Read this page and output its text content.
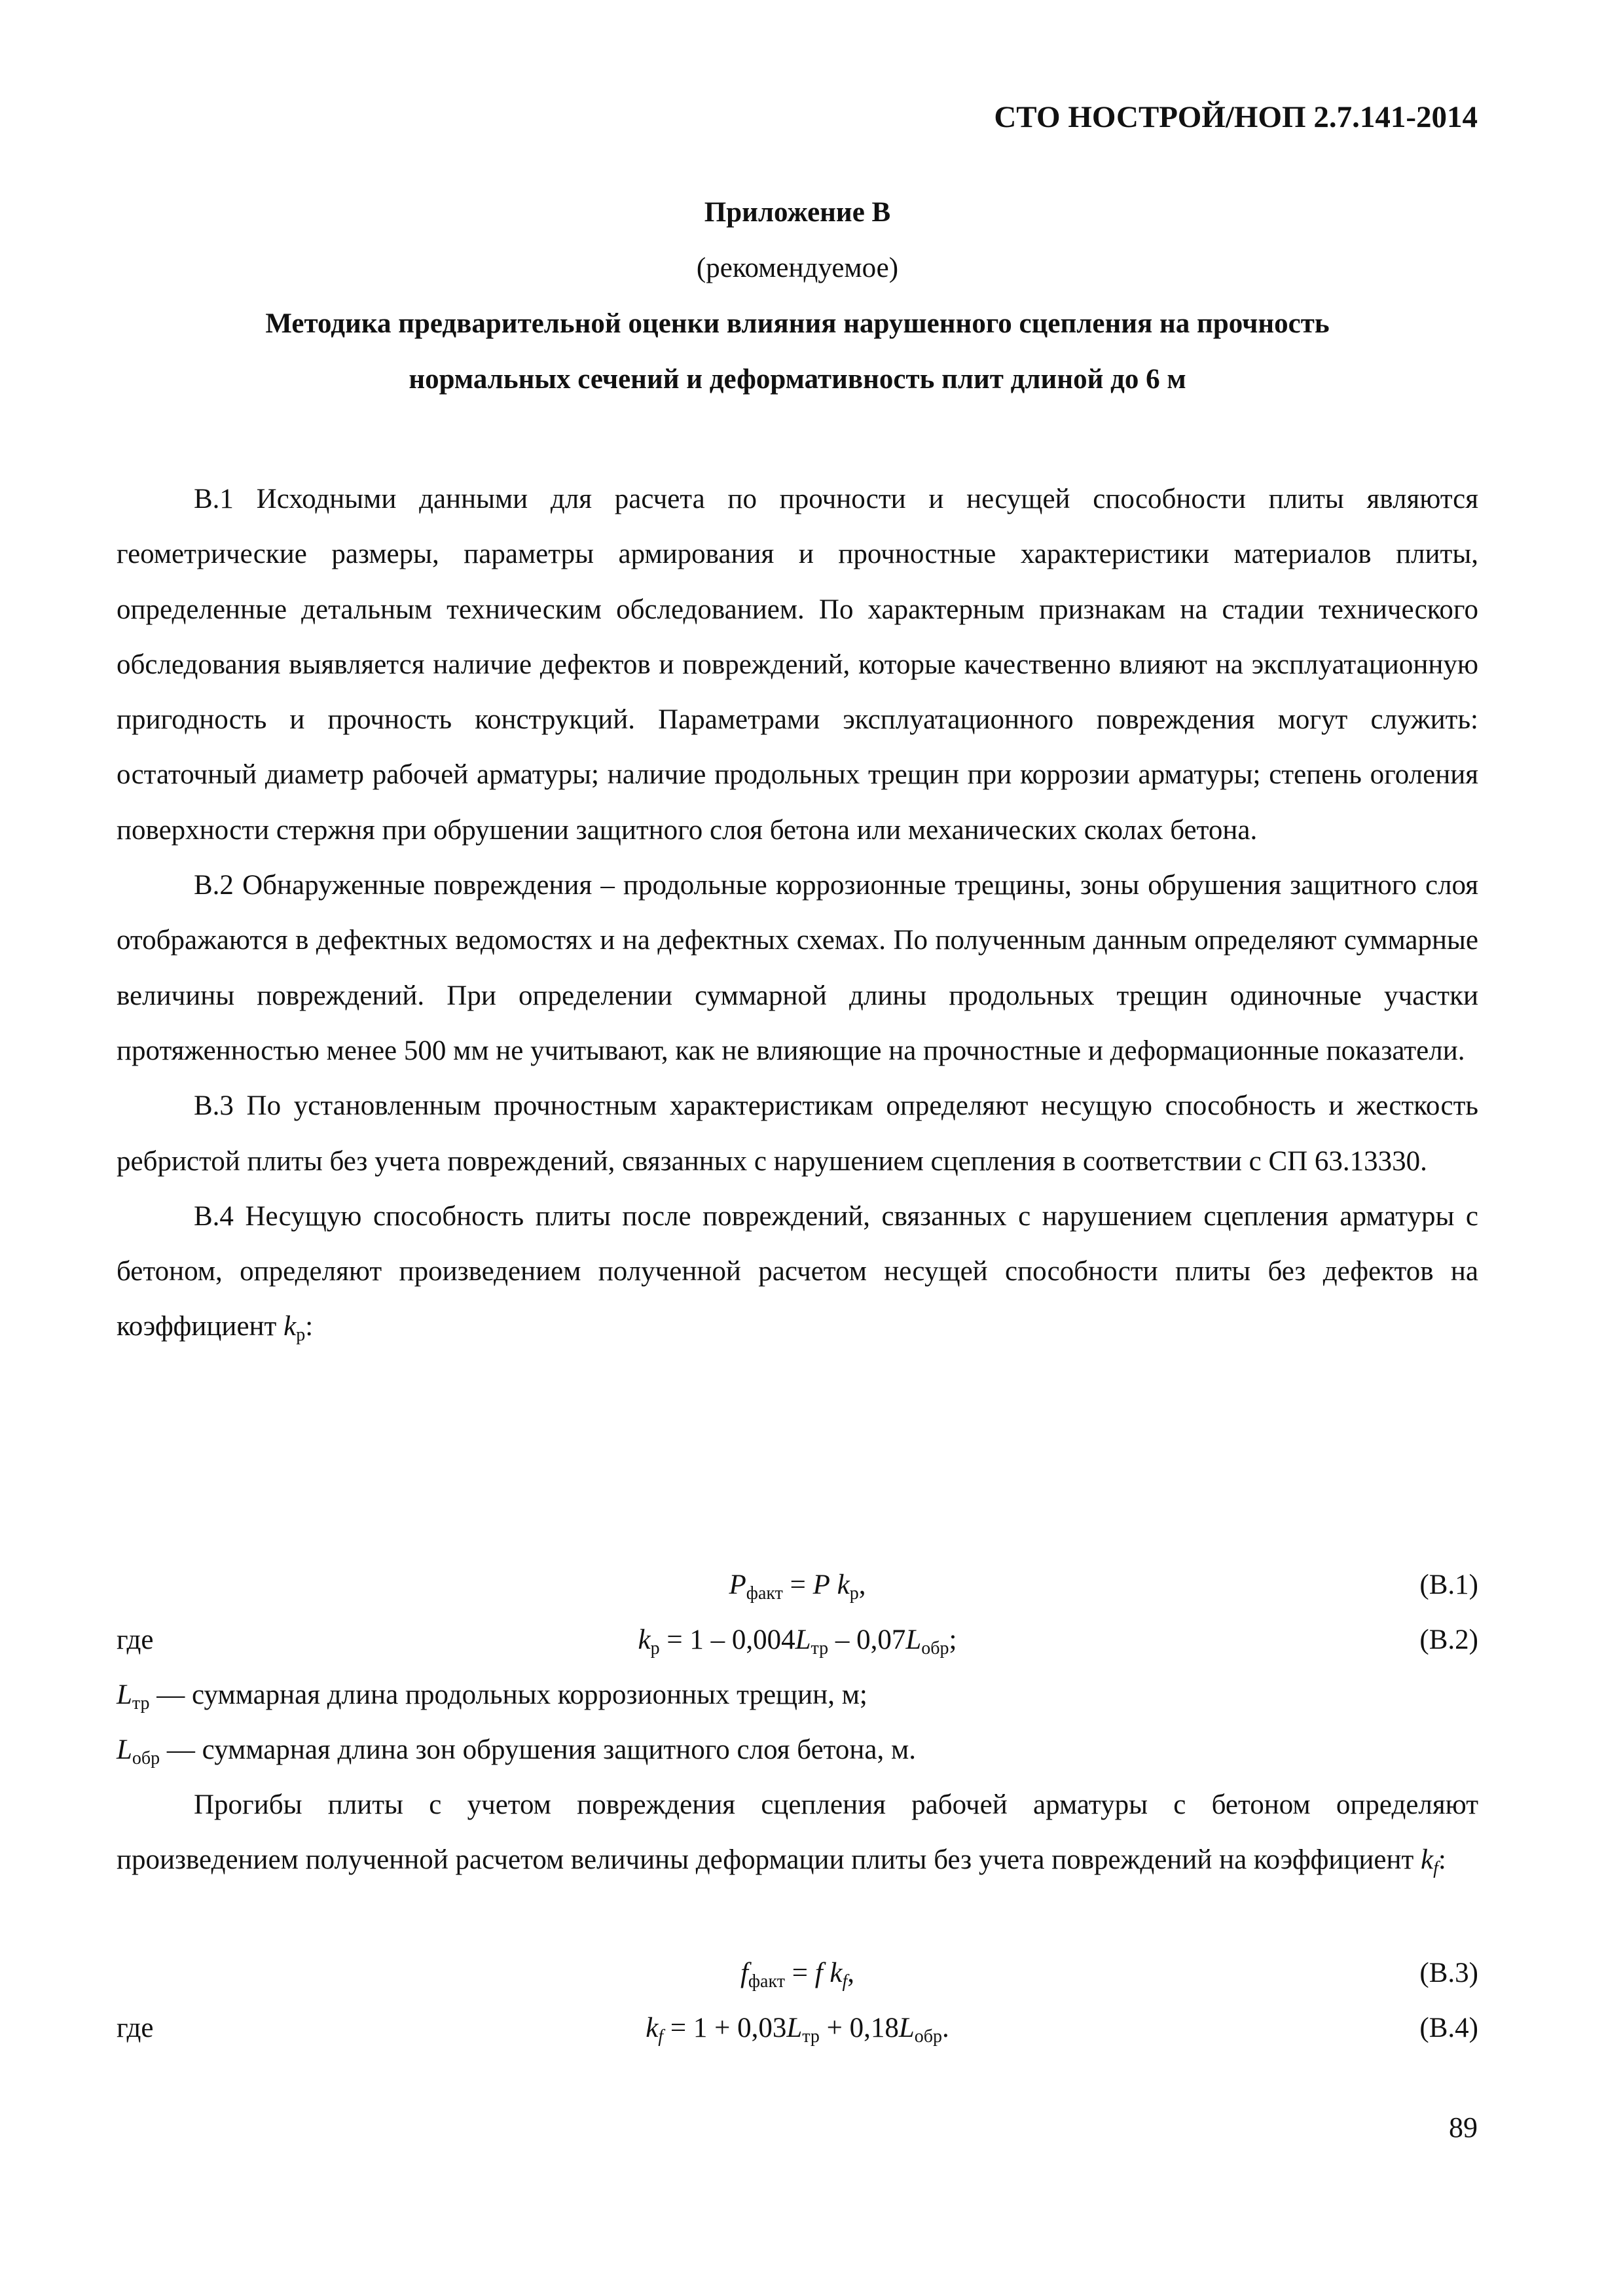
СТО НОСТРОЙ/НОП 2.7.141-2014
Приложение В
(рекомендуемое)
Методика предварительной оценки влияния нарушенного сцепления на прочность
нормальных сечений и деформативность плит длиной до 6 м

В.1 Исходными данными для расчета по прочности и несущей способности плиты являются геометрические размеры, параметры армирования и прочностные характеристики материалов плиты, определенные детальным техническим обследованием. По характерным признакам на стадии технического обследования выявляется наличие дефектов и повреждений, которые качественно влияют на эксплуатационную пригодность и прочность конструкций. Параметрами эксплуатационного повреждения могут служить: остаточный диаметр рабочей арматуры; наличие продольных трещин при коррозии арматуры; степень оголения поверхности стержня при обрушении защитного слоя бетона или механических сколах бетона.

В.2 Обнаруженные повреждения – продольные коррозионные трещины, зоны обрушения защитного слоя отображаются в дефектных ведомостях и на дефектных схемах. По полученным данным определяют суммарные величины повреждений. При определении суммарной длины продольных трещин одиночные участки протяженностью менее 500 мм не учитывают, как не влияющие на прочностные и деформационные показатели.

В.3 По установленным прочностным характеристикам определяют несущую способность и жесткость ребристой плиты без учета повреждений, связанных с нарушением сцепления в соответствии с СП 63.13330.

В.4 Несущую способность плиты после повреждений, связанных с нарушением сцепления арматуры с бетоном, определяют произведением полученной расчетом несущей способности плиты без дефектов на коэффициент $k_р$:

$P_{факт} = P$ $k_р$,	(В.1)
где	$k_р = 1 - 0,004L_{тр} - 0,07L_{обр}$;	(В.2)
$L_{тр}$ — суммарная длина продольных коррозионных трещин, м;
$L_{обр}$ — суммарная длина зон обрушения защитного слоя бетона, м.

Прогибы плиты с учетом повреждения сцепления рабочей арматуры с бетоном определяют произведением полученной расчетом величины деформации плиты без учета повреждений на коэффициент $k_f$:

$f_{факт} = f$ $k_f$,	(В.3)
где	$k_f = 1 + 0,03L_{тр} + 0,18L_{обр}$.	(В.4)
89
